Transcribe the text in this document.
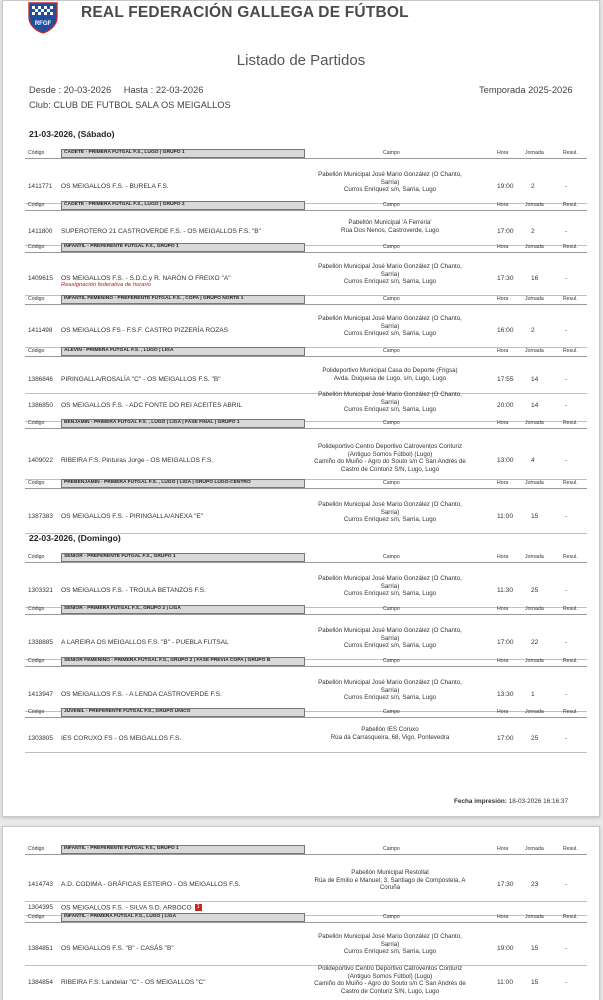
RFGF
REAL FEDERACIÓN GALLEGA DE FÚTBOL
Listado de Partidos
Desde : 20-03-2026 Hasta : 22-03-2026	Temporada 2025-2026
Club: CLUB DE FUTBOL SALA OS MEIGALLOS
21-03-2026, (Sábado)
22-03-2026, (Domingo)
Código	CADETE - PRIMERA FUTGAL F.S., LUGO | GRUPO 1	Campo	Hora	Jornada	Resul.
1411771 OS MEIGALLOS F.S. - BURELA F.S.
Pabellón Municipal José Mario González (O Chanto,
Sarria)
Curros Enríquez s/n, Sarria, Lugo	19:00	2	-
Código	CADETE - PRIMERA FUTGAL F.S., LUGO | GRUPO 2	Campo	Hora	Jornada	Resul.
1411800 SUPEROTERO 21 CASTROVERDE F.S. - OS MEIGALLOS F.S. "B"
Pabellón Municipal 'A Ferreria'
Rúa Dos Nenos, Castroverde, Lugo	17:00	2	-
Código	INFANTIL - PREFERENTE FUTGAL F.S., GRUPO 1	Campo	Hora	Jornada	Resul.
1409615 OS MEIGALLOS F.S. - S.D.C.y R. NARÓN O FREIXO "A"
Reasignación federativa de horario
Pabellón Municipal José Mario González (O Chanto,
Sarria)
Curros Enríquez s/n, Sarria, Lugo	17:30	16	-
Código	INFANTIL FEMENINO - PREFERENTE FUTGAL F.S. , COPA | GRUPO NORTE 1	Campo	Hora	Jornada	Resul.
1411498 OS MEIGALLOS FS - F.S.F. CASTRO PIZZERÍA ROZAS
Pabellón Municipal José Mario González (O Chanto,
Sarria)
Curros Enríquez s/n, Sarria, Lugo	16:00	2	-
Código	ALEVIN - PRIMERA FUTGAL F.S. , LUGO | LIGA	Campo	Hora	Jornada	Resul.
1386846 PIRINGALLA/ROSALÍA "C" - OS MEIGALLOS F.S. "B"
Polideportivo Municipal Casa do Deporte (Frigsa)
Avda. Duquesa de Lugo, s/n, Lugo, Lugo	17:55	14	-
1386850 OS MEIGALLOS F.S. - ADC FONTE DO REI ACEITES ABRIL
Pabellón Municipal José Mario González (O Chanto,
Sarria)
Curros Enríquez s/n, Sarria, Lugo
20:00	14	-
Código	BENJAMÍN - PRIMERA FUTGAL F.S. , LUGO | LIGA | FASE FINAL | GRUPO 1	Campo	Hora	Jornada	Resul.
1409022 RIBEIRA F.S. Pinturas Jorge - OS MEIGALLOS F.S.
Polideportivo Centro Deportivo Catroventos Conturiz
(Antiguo Somos Fútbol) (Lugo)
Camiño do Muiño - Agro do Souto s/n C San Andrés de
Castro de Conturiz S/N, Lugo, Lugo
13:00	4	-
Código	PREBENJAMÍN - PRIMERA FUTGAL F.S. , LUGO | LIGA | GRUPO LUGO-CENTRO	Campo	Hora	Jornada	Resul.
1387383 OS MEIGALLOS F.S. - PIRINGALLA/ANEXA "E"
Pabellón Municipal José Mario González (O Chanto,
Sarria)
Curros Enríquez s/n, Sarria, Lugo	11:00	15	-
Código	SENIOR - PREFERENTE FUTGAL F.S., GRUPO 1	Campo	Hora	Jornada	Resul.
1303321 OS MEIGALLOS F.S. - TROULA BETANZOS F.S.
Pabellón Municipal José Mario González (O Chanto,
Sarria)
Curros Enríquez s/n, Sarria, Lugo	11:30	25	-
Código	SENIOR - PRIMERA FUTGAL F.S., GRUPO 2 | LIGA	Campo	Hora	Jornada	Resul.
1338885 A LAREIRA OS MEIGALLOS F.S. "B" - PUEBLA FUTSAL
Pabellón Municipal José Mario González (O Chanto,
Sarria)
Curros Enríquez s/n, Sarria, Lugo	17:00	22	-
Código	SENIOR FEMENINO - PRIMERA FUTGAL F.S., GRUPO 2 | FASE PREVIA COPA | GRUPO B	Campo	Hora	Jornada	Resul.
1413947 OS MEIGALLOS F.S. - A LENDA CASTROVERDE F.S.
Pabellón Municipal José Mario González (O Chanto,
Sarria)
Curros Enríquez s/n, Sarria, Lugo	13:30	1	-
Código	JUVENIL - PREFERENTE FUTGAL F.S., GRUPO ÚNICO	Campo	Hora	Jornada	Resul.
1303805 IES CORUXO FS - OS MEIGALLOS F.S.
Pabellón IES Coruxo
Rúa da Carrasqueira, 68, Vigo, Pontevedra	17:00	25	-
Fecha impresión: 18-03-2026 16:16:37
Código	INFANTIL - PREFERENTE FUTGAL F.S., GRUPO 1	Campo	Hora	Jornada	Resul.
1414743 A.D. CODIMA - GRÁFICAS ESTEIRO - OS MEIGALLOS F.S.
Pabellón Municipal Restollal
Rúa de Emilio e Manuel, 3, Santiago de Compostela, A
Coruña	17:30	23	-
1304395 OS MEIGALLOS F.S. - SILVA S.D. ARBOCO 1
Código	INFANTIL - PRIMERA FUTGAL F.S., LUGO | LIGA	Campo	Hora	Jornada	Resul.
1384851 OS MEIGALLOS F.S. "B" - CASÁS "B"
Pabellón Municipal José Mario González (O Chanto,
Sarria)
Curros Enríquez s/n, Sarria, Lugo	19:00	15	-
1384854 RIBEIRA F.S. Landelar "C" - OS MEIGALLOS "C"
Polideportivo Centro Deportivo Catroventos Conturiz
(Antiguo Somos Fútbol) (Lugo)
Camiño do Muiño - Agro do Souto s/n C San Andrés de
Castro de Conturiz S/N, Lugo, Lugo
11:00	15	-
